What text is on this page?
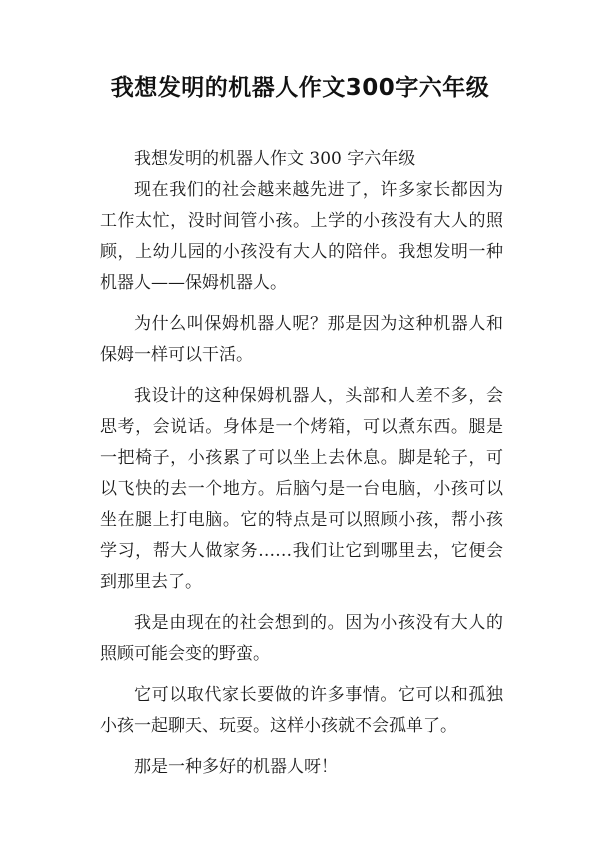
我想发明的机器人作文300字六年级

我想发明的机器人作文 300 字六年级

现在我们的社会越来越先进了，许多家长都因为工作太忙，没时间管小孩。上学的小孩没有大人的照顾，上幼儿园的小孩没有大人的陪伴。我想发明一种机器人——保姆机器人。

为什么叫保姆机器人呢？那是因为这种机器人和保姆一样可以干活。

我设计的这种保姆机器人，头部和人差不多，会思考，会说话。身体是一个烤箱，可以煮东西。腿是一把椅子，小孩累了可以坐上去休息。脚是轮子，可以飞快的去一个地方。后脑勺是一台电脑，小孩可以坐在腿上打电脑。它的特点是可以照顾小孩，帮小孩学习，帮大人做家务……我们让它到哪里去，它便会到那里去了。

我是由现在的社会想到的。因为小孩没有大人的照顾可能会变的野蛮。

它可以取代家长要做的许多事情。它可以和孤独小孩一起聊天、玩耍。这样小孩就不会孤单了。

那是一种多好的机器人呀！
